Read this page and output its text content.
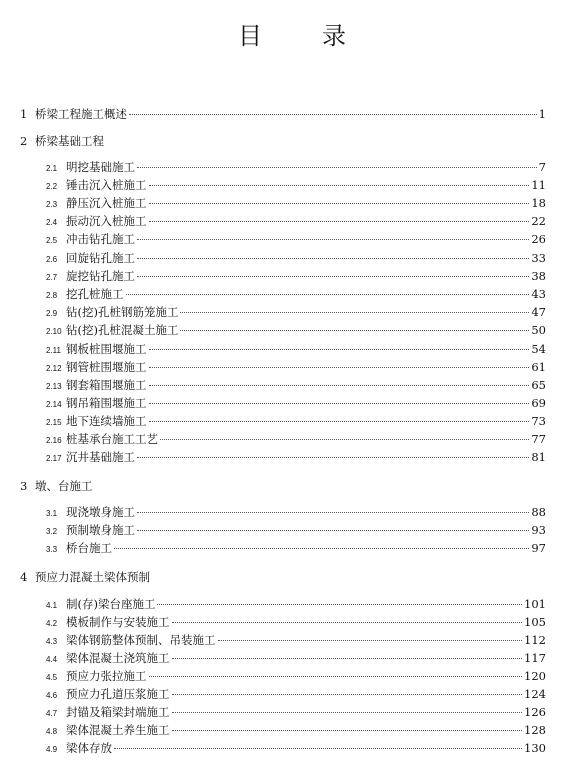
目　录
1 桥梁工程施工概述	1
2 桥梁基础工程
2.1 明挖基础施工	7
2.2 锤击沉入桩施工	11
2.3 静压沉入桩施工	18
2.4 振动沉入桩施工	22
2.5 冲击钻孔施工	26
2.6 回旋钻孔施工	33
2.7 旋挖钻孔施工	38
2.8 挖孔桩施工	43
2.9 钻(挖)孔桩钢筋笼施工	47
2.10 钻(挖)孔桩混凝土施工	50
2.11 钢板桩围堰施工	54
2.12 钢管桩围堰施工	61
2.13 钢套箱围堰施工	65
2.14 钢吊箱围堰施工	69
2.15 地下连续墙施工	73
2.16 桩基承台施工工艺	77
2.17 沉井基础施工	81
3 墩、台施工
3.1 现浇墩身施工	88
3.2 预制墩身施工	93
3.3 桥台施工	97
4 预应力混凝土梁体预制
4.1 制(存)梁台座施工	101
4.2 模板制作与安装施工	105
4.3 梁体钢筋整体预制、吊装施工	112
4.4 梁体混凝土浇筑施工	117
4.5 预应力张拉施工	120
4.6 预应力孔道压浆施工	124
4.7 封锚及箱梁封端施工	126
4.8 梁体混凝土养生施工	128
4.9 梁体存放	130
